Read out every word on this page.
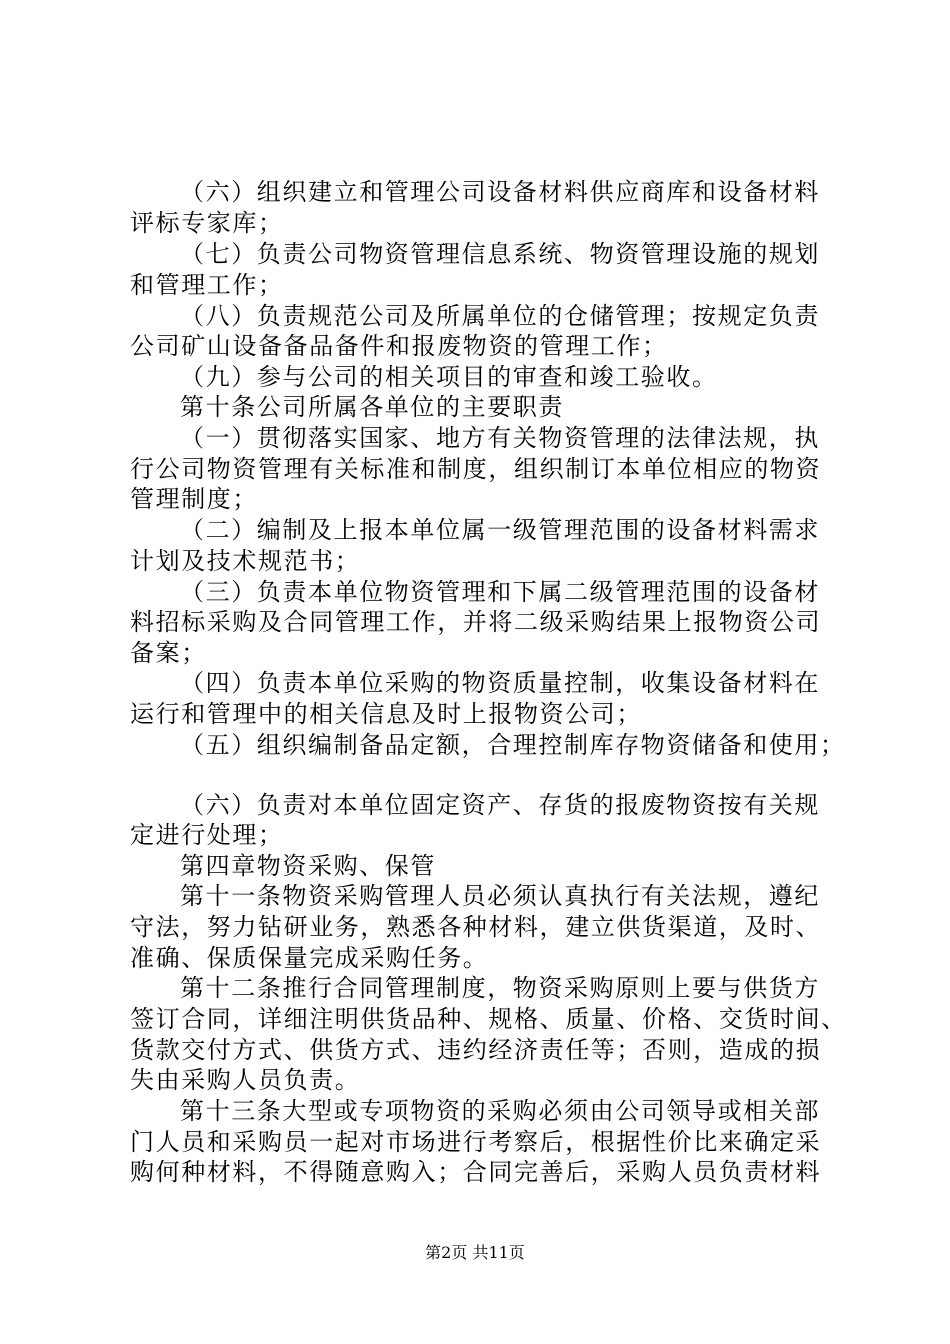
（六）组织建立和管理公司设备材料供应商库和设备材料
评标专家库；
（七）负责公司物资管理信息系统、物资管理设施的规划
和管理工作；
（八）负责规范公司及所属单位的仓储管理；按规定负责
公司矿山设备备品备件和报废物资的管理工作；
（九）参与公司的相关项目的审查和竣工验收。
第十条公司所属各单位的主要职责
（一）贯彻落实国家、地方有关物资管理的法律法规，执
行公司物资管理有关标准和制度，组织制订本单位相应的物资
管理制度；
（二）编制及上报本单位属一级管理范围的设备材料需求
计划及技术规范书；
（三）负责本单位物资管理和下属二级管理范围的设备材
料招标采购及合同管理工作，并将二级采购结果上报物资公司
备案；
（四）负责本单位采购的物资质量控制，收集设备材料在
运行和管理中的相关信息及时上报物资公司；
（五）组织编制备品定额，合理控制库存物资储备和使用；
（六）负责对本单位固定资产、存货的报废物资按有关规
定进行处理；
第四章物资采购、保管
第十一条物资采购管理人员必须认真执行有关法规，遵纪
守法，努力钻研业务，熟悉各种材料，建立供货渠道，及时、
准确、保质保量完成采购任务。
第十二条推行合同管理制度，物资采购原则上要与供货方
签订合同，详细注明供货品种、规格、质量、价格、交货时间、
货款交付方式、供货方式、违约经济责任等；否则，造成的损
失由采购人员负责。
第十三条大型或专项物资的采购必须由公司领导或相关部
门人员和采购员一起对市场进行考察后，根据性价比来确定采
购何种材料，不得随意购入；合同完善后，采购人员负责材料
第2页 共11页
